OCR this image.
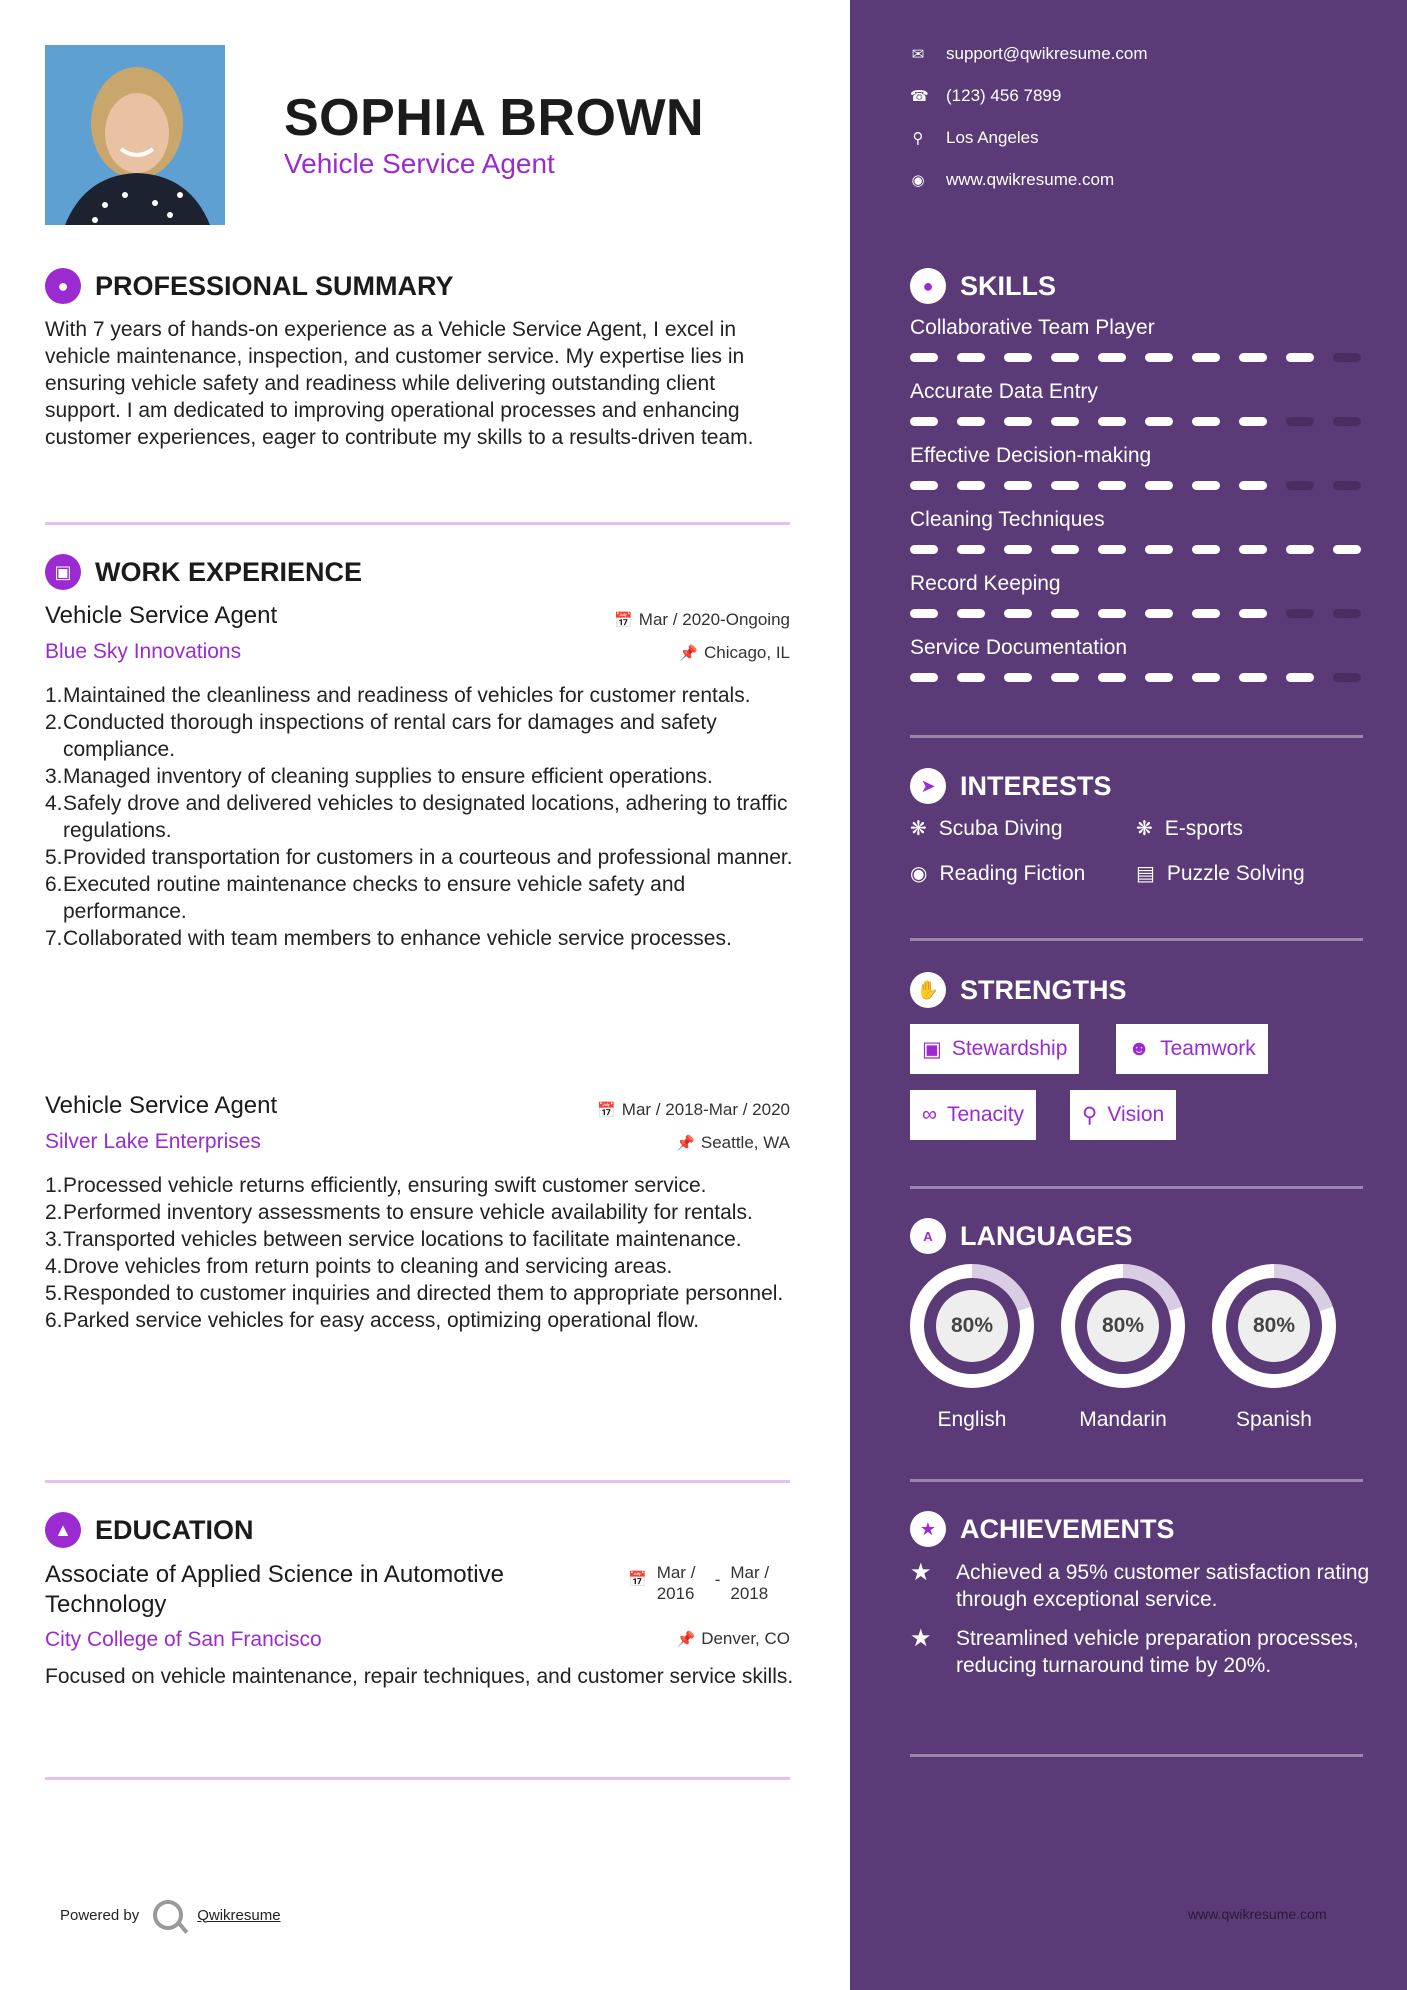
SOPHIA BROWN
Vehicle Service Agent
● PROFESSIONAL SUMMARY
With 7 years of hands-on experience as a Vehicle Service Agent, I excel in vehicle maintenance, inspection, and customer service. My expertise lies in ensuring vehicle safety and readiness while delivering outstanding client support. I am dedicated to improving operational processes and enhancing customer experiences, eager to contribute my skills to a results-driven team.
▣ WORK EXPERIENCE
Vehicle Service Agent	📅 Mar / 2020-Ongoing
Blue Sky Innovations	📌 Chicago, IL
1. Maintained the cleanliness and readiness of vehicles for customer rentals.
2. Conducted thorough inspections of rental cars for damages and safety compliance.
3. Managed inventory of cleaning supplies to ensure efficient operations.
4. Safely drove and delivered vehicles to designated locations, adhering to traffic regulations.
5. Provided transportation for customers in a courteous and professional manner.
6. Executed routine maintenance checks to ensure vehicle safety and performance.
7. Collaborated with team members to enhance vehicle service processes.
Vehicle Service Agent	📅 Mar / 2018-Mar / 2020
Silver Lake Enterprises	📌 Seattle, WA
1. Processed vehicle returns efficiently, ensuring swift customer service.
2. Performed inventory assessments to ensure vehicle availability for rentals.
3. Transported vehicles between service locations to facilitate maintenance.
4. Drove vehicles from return points to cleaning and servicing areas.
5. Responded to customer inquiries and directed them to appropriate personnel.
6. Parked service vehicles for easy access, optimizing operational flow.
▲ EDUCATION
Associate of Applied Science in Automotive Technology
📅 Mar / 2016
- Mar / 2018
City College of San Francisco	📌 Denver, CO
Focused on vehicle maintenance, repair techniques, and customer service skills.
Powered by	Qwikresume
✉ support@qwikresume.com
☎ (123) 456 7899
⚲ Los Angeles
◉ www.qwikresume.com
● SKILLS
➤ INTERESTS
❋ Scuba Diving	❋ E-sports
◉ Reading Fiction	▤ Puzzle Solving
✋ STRENGTHS
▣ Stewardship	☻ Teamwork
∞ Tenacity	⚲ Vision
A	LANGUAGES
80%
English
80%
Mandarin
80%
Spanish
★ ACHIEVEMENTS
★	Achieved a 95% customer satisfaction rating through exceptional service.
★	Streamlined vehicle preparation processes, reducing turnaround time by 20%.
www.qwikresume.com
Collaborative Team Player
Accurate Data Entry
Effective Decision-making
Cleaning Techniques
Record Keeping
Service Documentation
